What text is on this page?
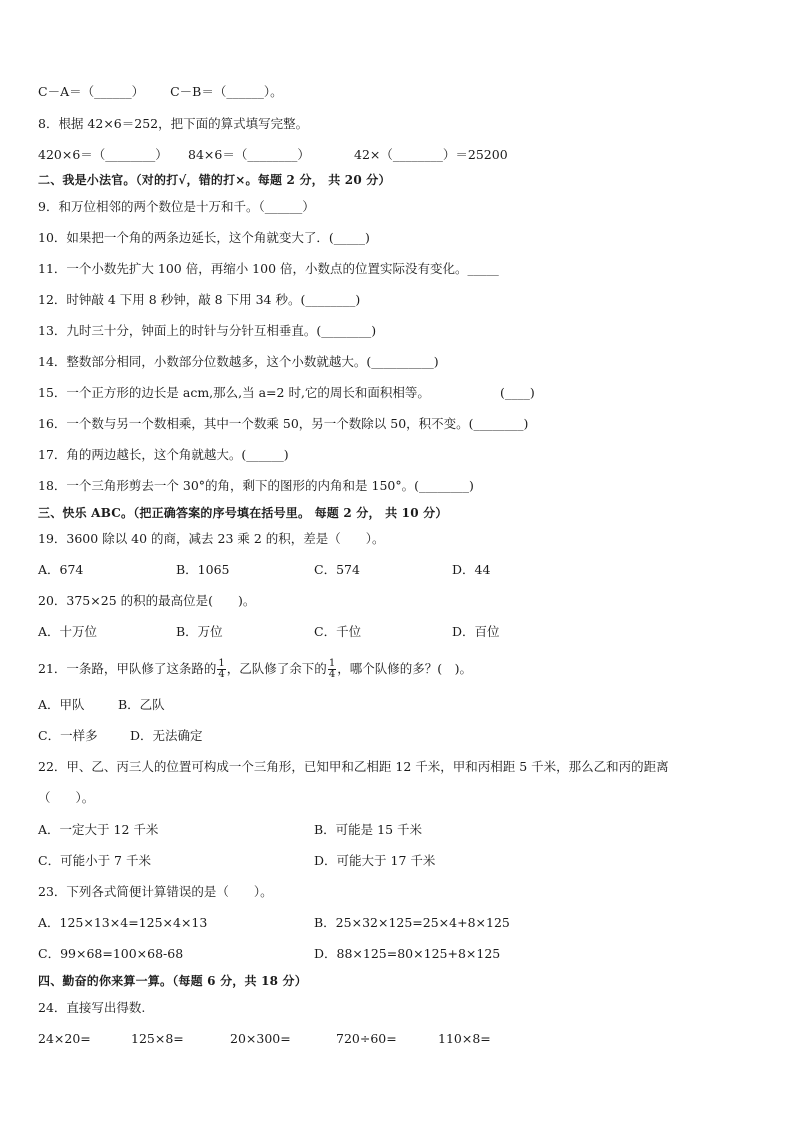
C－A＝（______） C－B＝（______）。
8．根据 42×6＝252，把下面的算式填写完整。
420×6＝（________） 84×6＝（________）	42×（________）＝25200
二、我是小法官。（对的打√，错的打×。每题 2 分， 共 20 分）
9．和万位相邻的两个数位是十万和千。（______）
10．如果把一个角的两条边延长，这个角就变大了．(_____)
11．一个小数先扩大 100 倍，再缩小 100 倍，小数点的位置实际没有变化。_____
12．时钟敲 4 下用 8 秒钟，敲 8 下用 34 秒。(________)
13．九时三十分，钟面上的时针与分针互相垂直。(________)
14．整数部分相同，小数部分位数越多，这个小数就越大。(__________)
15．一个正方形的边长是 acm,那么,当 a=2 时,它的周长和面积相等。	(____)
16．一个数与另一个数相乘，其中一个数乘 50，另一个数除以 50，积不变。(________)
17．角的两边越长，这个角就越大。(______)
18．一个三角形剪去一个 30°的角，剩下的图形的内角和是 150°。(________)
三、快乐 ABC。（把正确答案的序号填在括号里。 每题 2 分， 共 10 分）
19．3600 除以 40 的商，减去 23 乘 2 的积，差是（　　）。
A．674	B．1065	C．574	D．44
20．375×25 的积的最高位是(　　)。
A．十万位	B．万位	C．千位	D．百位
21．一条路，甲队修了这条路的 $\frac{1}{4}$ ，乙队修了余下的 $\frac{1}{4}$ ，哪个队修的多？(　)。
A．甲队	B．乙队
C．一样多	D．无法确定
22．甲、乙、丙三人的位置可构成一个三角形，已知甲和乙相距 12 千米，甲和丙相距 5 千米，那么乙和丙的距离
（　　）。
A．一定大于 12 千米	B．可能是 15 千米
C．可能小于 7 千米	D．可能大于 17 千米
23．下列各式简便计算错误的是（　　）。
A．125×13×4=125×4×13	B．25×32×125=25×4+8×125
C．99×68=100×68-68	D．88×125=80×125+8×125
四、勤奋的你来算一算。（每题 6 分，共 18 分）
24．直接写出得数.
24×20=	125×8=	20×300=	720÷60=	110×8=
